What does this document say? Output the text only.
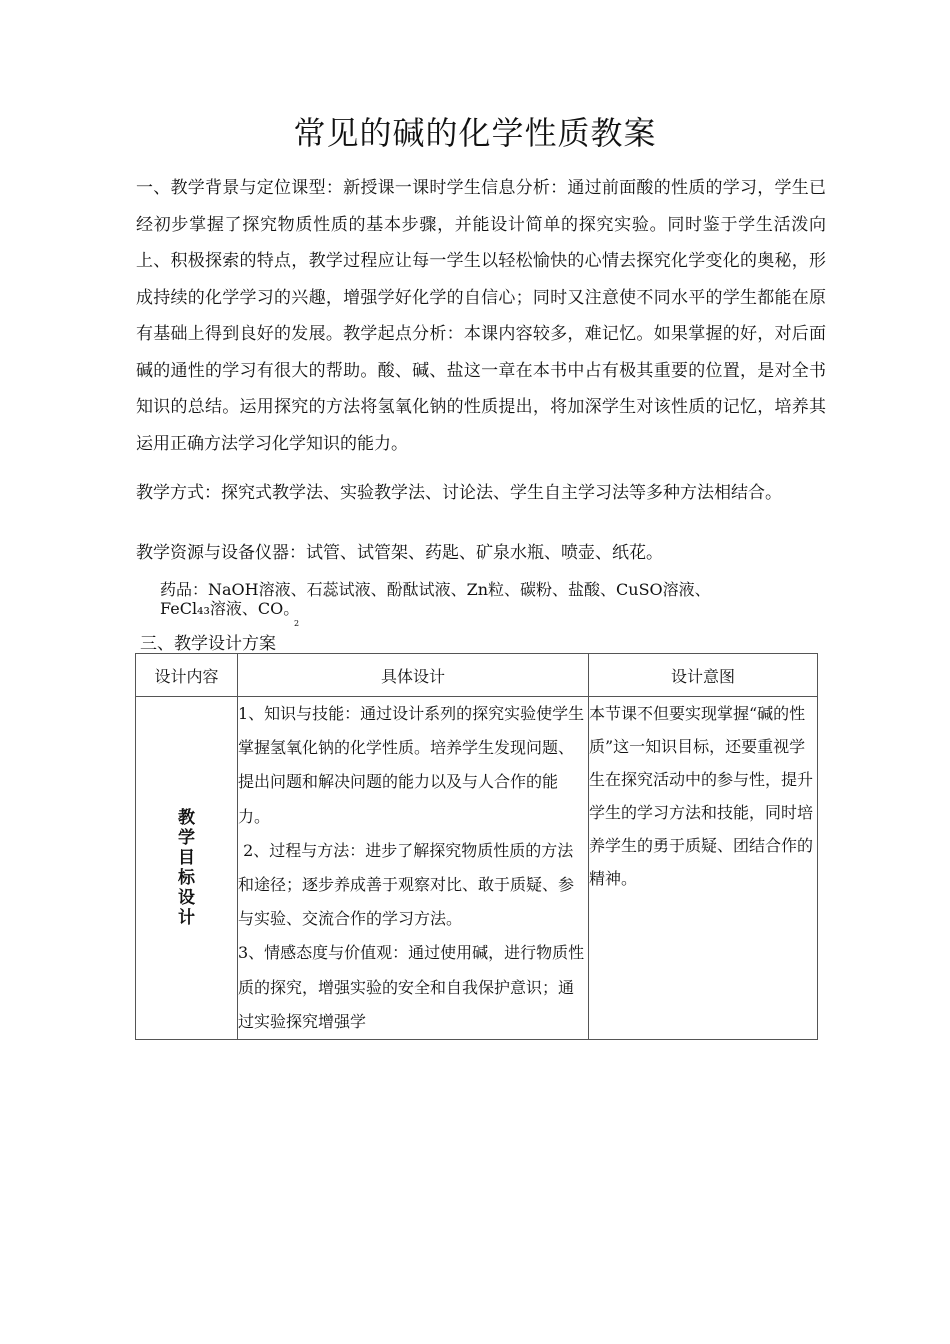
常见的碱的化学性质教案
一、教学背景与定位课型：新授课一课时学生信息分析：通过前面酸的性质的学习，学生已经初步掌握了探究物质性质的基本步骤，并能设计简单的探究实验。同时鉴于学生活泼向上、积极探索的特点，教学过程应让每一学生以轻松愉快的心情去探究化学变化的奥秘，形成持续的化学学习的兴趣，增强学好化学的自信心；同时又注意使不同水平的学生都能在原有基础上得到良好的发展。教学起点分析：本课内容较多，难记忆。如果掌握的好，对后面碱的通性的学习有很大的帮助。酸、碱、盐这一章在本书中占有极其重要的位置，是对全书知识的总结。运用探究的方法将氢氧化钠的性质提出，将加深学生对该性质的记忆，培养其运用正确方法学习化学知识的能力。
教学方式： 探究式教学法、实验教学法、讨论法、学生自主学习法等多种方法相结合。
教学资源与设备仪器：试管、试管架、药匙、矿泉水瓶、喷壶、纸花。
药品：NaOH溶液、石蕊试液、酚酞试液、Zn粒、碳粉、盐酸、CuSO溶液、
FeCl₄₃溶液、CO。
2
三、教学设计方案
设计内容	具体设计	设计意图

教学目标设计	1、知识与技能：通过设计系列的探究实验使学生掌握氢氧化钠的化学性质。培养学生发现问题、提出问题和解决问题的能力以及与人合作的能力。
2、过程与方法：进步了解探究物质性质的方法和途径；逐步养成善于观察对比、敢于质疑、参与实验、交流合作的学习方法。
3、情感态度与价值观：通过使用碱，进行物质性质的探究，增强实验的安全和自我保护意识；通过实验探究增强学	本节课不但要实现掌握“碱的性质”这一知识目标，还要重视学生在探究活动中的参与性，提升学生的学习方法和技能，同时培养学生的勇于质疑、团结合作的精神。
